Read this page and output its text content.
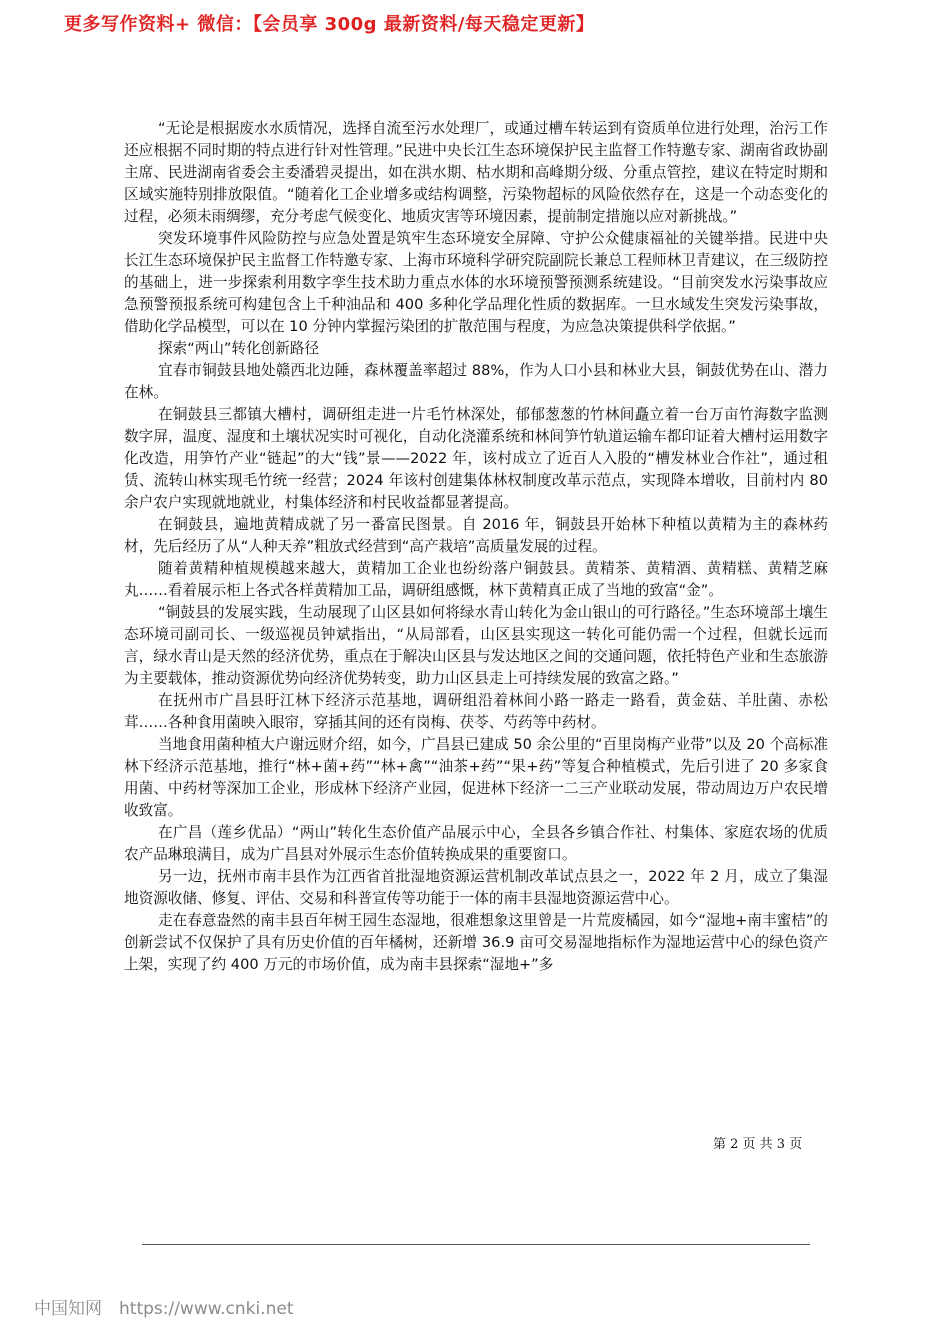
更多写作资料+ 微信：【会员享 300g 最新资料/每天稳定更新】

“无论是根据废水水质情况，选择自流至污水处理厂，或通过槽车转运到有资质单位进行处理，治污工作还应根据不同时期的特点进行针对性管理。”民进中央长江生态环境保护民主监督工作特邀专家、湖南省政协副主席、民进湖南省委会主委潘碧灵提出，如在洪水期、枯水期和高峰期分级、分重点管控，建议在特定时期和区域实施特别排放限值。“随着化工企业增多或结构调整，污染物超标的风险依然存在，这是一个动态变化的过程，必须未雨绸缪，充分考虑气候变化、地质灾害等环境因素，提前制定措施以应对新挑战。”

突发环境事件风险防控与应急处置是筑牢生态环境安全屏障、守护公众健康福祉的关键举措。民进中央长江生态环境保护民主监督工作特邀专家、上海市环境科学研究院副院长兼总工程师林卫青建议，在三级防控的基础上，进一步探索利用数字孪生技术助力重点水体的水环境预警预测系统建设。“目前突发水污染事故应急预警预报系统可构建包含上千种油品和 400 多种化学品理化性质的数据库。一旦水域发生突发污染事故，借助化学品模型，可以在 10 分钟内掌握污染团的扩散范围与程度，为应急决策提供科学依据。”

探索“两山”转化创新路径

宜春市铜鼓县地处赣西北边陲，森林覆盖率超过 88%，作为人口小县和林业大县，铜鼓优势在山、潜力在林。

在铜鼓县三都镇大槽村，调研组走进一片毛竹林深处，郁郁葱葱的竹林间矗立着一台万亩竹海数字监测数字屏，温度、湿度和土壤状况实时可视化，自动化浇灌系统和林间笋竹轨道运输车都印证着大槽村运用数字化改造，用笋竹产业“链起”的大“钱”景——2022 年，该村成立了近百人入股的“槽发林业合作社”，通过租赁、流转山林实现毛竹统一经营；2024 年该村创建集体林权制度改革示范点，实现降本增收，目前村内 80 余户农户实现就地就业，村集体经济和村民收益都显著提高。

在铜鼓县，遍地黄精成就了另一番富民图景。自 2016 年，铜鼓县开始林下种植以黄精为主的森林药材，先后经历了从“人种天养”粗放式经营到“高产栽培”高质量发展的过程。

随着黄精种植规模越来越大，黄精加工企业也纷纷落户铜鼓县。黄精茶、黄精酒、黄精糕、黄精芝麻丸……看着展示柜上各式各样黄精加工品，调研组感慨，林下黄精真正成了当地的致富“金”。

“铜鼓县的发展实践，生动展现了山区县如何将绿水青山转化为金山银山的可行路径。”生态环境部土壤生态环境司副司长、一级巡视员钟斌指出，“从局部看，山区县实现这一转化可能仍需一个过程，但就长远而言，绿水青山是天然的经济优势，重点在于解决山区县与发达地区之间的交通问题，依托特色产业和生态旅游为主要载体，推动资源优势向经济优势转变，助力山区县走上可持续发展的致富之路。”

在抚州市广昌县盱江林下经济示范基地，调研组沿着林间小路一路走一路看，黄金菇、羊肚菌、赤松茸……各种食用菌映入眼帘，穿插其间的还有岗梅、茯苓、芍药等中药材。

当地食用菌种植大户谢远财介绍，如今，广昌县已建成 50 余公里的“百里岗梅产业带”以及 20 个高标准林下经济示范基地，推行“林+菌+药”“林+禽”“油茶+药”“果+药”等复合种植模式，先后引进了 20 多家食用菌、中药材等深加工企业，形成林下经济产业园，促进林下经济一二三产业联动发展，带动周边万户农民增收致富。

在广昌（莲乡优品）“两山”转化生态价值产品展示中心，全县各乡镇合作社、村集体、家庭农场的优质农产品琳琅满目，成为广昌县对外展示生态价值转换成果的重要窗口。

另一边，抚州市南丰县作为江西省首批湿地资源运营机制改革试点县之一，2022 年 2 月，成立了集湿地资源收储、修复、评估、交易和科普宣传等功能于一体的南丰县湿地资源运营中心。

走在春意盎然的南丰县百年树王园生态湿地，很难想象这里曾是一片荒废橘园，如今“湿地+南丰蜜桔”的创新尝试不仅保护了具有历史价值的百年橘树，还新增 36.9 亩可交易湿地指标作为湿地运营中心的绿色资产上架，实现了约 400 万元的市场价值，成为南丰县探索“湿地+”多

第 2 页 共 3 页
中国知网　https://www.cnki.net
